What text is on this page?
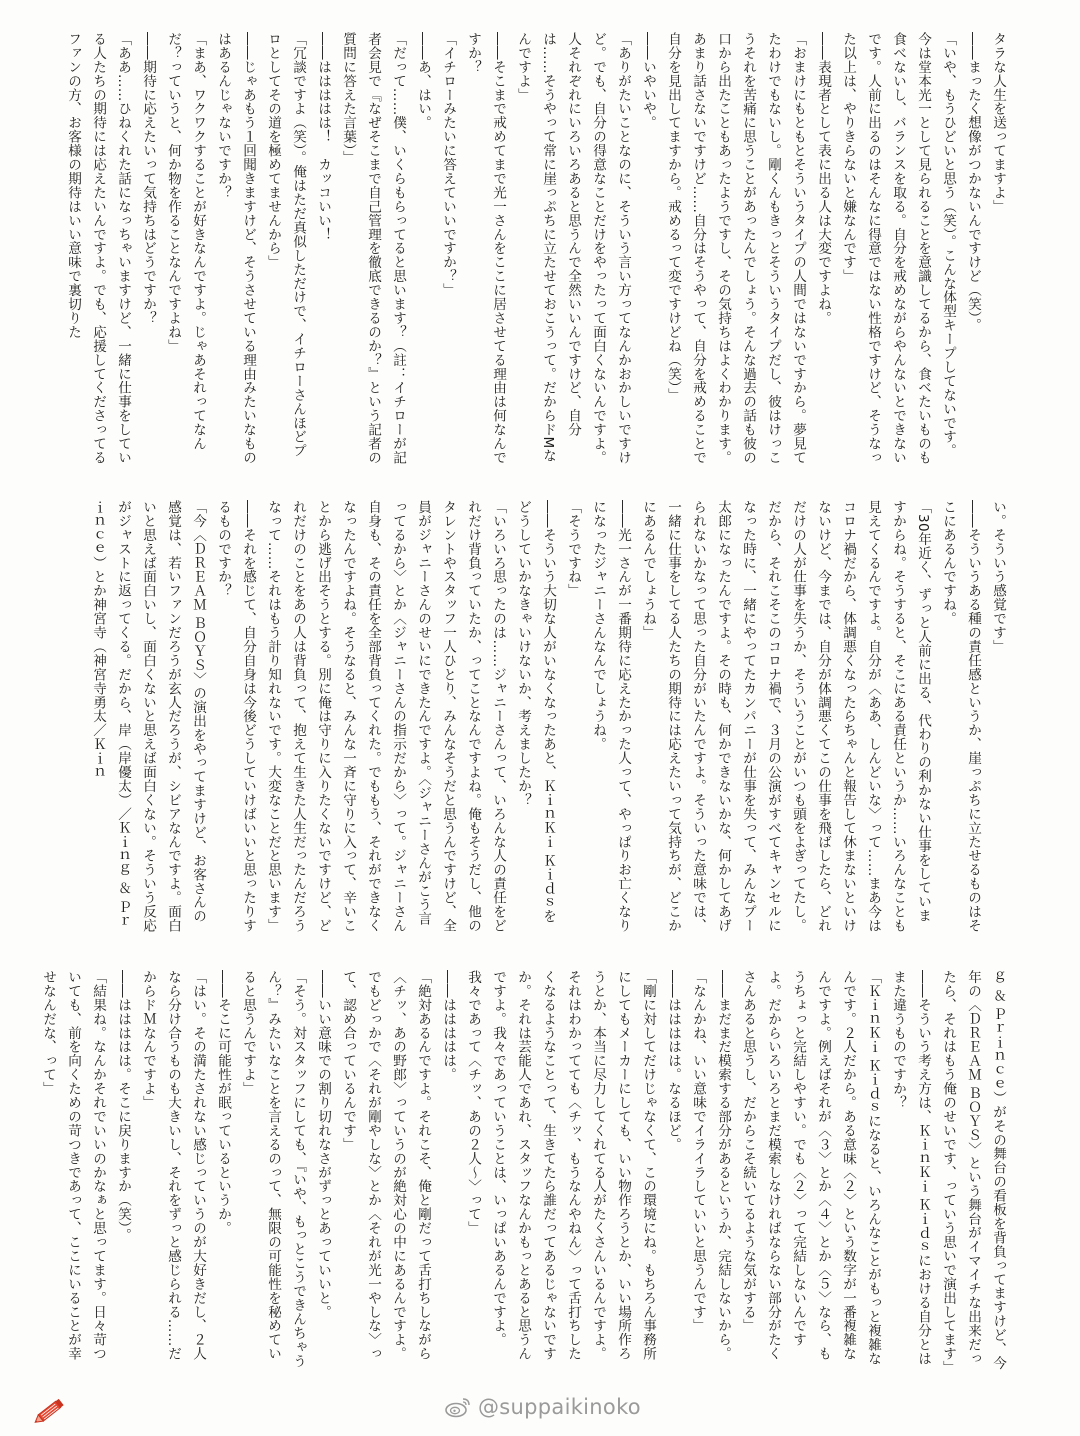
タラな人生を送ってますよ」

――まったく想像がつかないんですけど（笑）。

「いや、もうひどいと思う（笑）。こんな体型キープしてないです。今は堂本光一として見られることを意識してるから、食べたいものも食べないし、バランスを取る。自分を戒めながらやんないとできないです。人前に出るのはそんなに得意ではない性格ですけど、そうなった以上は、やりきらないと嫌なんです」

――表現者として表に出る人は大変ですよね。

「おまけにもともとそういうタイプの人間ではないですから。夢見てたわけでもないし。剛くんもきっとそういうタイプだし、彼はけっこうそれを苦痛に思うことがあったんでしょう。そんな過去の話も彼の口から出たこともあったようですし、その気持ちはよくわかります。あまり話さないですけど……自分はそうやって、自分を戒めることで自分を見出してますから。戒めるって変ですけどね（笑）」

――いやいや。

「ありがたいことなのに、そういう言い方ってなんかおかしいですけど。でも、自分の得意なことだけをやったって面白くないんですよ。人それぞれにいろいろあると思うんで全然いいんですけど、自分は……そうやって常に崖っぷちに立たせておこうって。だからドMなんですよ」

――そこまで戒めてまで光一さんをここに居させてる理由は何なんですか？

「イチローみたいに答えていいですか？」

――あ、はい。

「だって……僕、いくらもらってると思います？（註：イチローが記者会見で『なぜそこまで自己管理を徹底できるのか？』という記者の質問に答えた言葉）」

――ははははは！　カッコいい！

「冗談ですよ（笑）。俺はただ真似しただけで、イチローさんほどプロとしてその道を極めてませんから」

――じゃあもう１回聞きますけど、そうさせている理由みたいなものはあるんじゃないですか？

「まあ、ワクワクすることが好きなんですよ。じゃあそれってなんだ？っていうと、何か物を作ることなんですよね」

――期待に応えたいって気持ちはどうですか？

「ああ……ひねくれた話になっちゃいますけど、一緒に仕事をしている人たちの期待には応えたいんですよ。でも、応援してくださってるファンの方、お客様の期待はいい意味で裏切りた

い。そういう感覚です」

――そういうある種の責任感というか、崖っぷちに立たせるものはそこにあるんですね。

「30年近く、ずっと人前に出る、代わりの利かない仕事をしていますからね。そうすると、そこにある責任というか……いろんなことも見えてくるんですよ。自分が〈ああ、しんどいな〉って……まあ今はコロナ禍だから、体調悪くなったらちゃんと報告して休まないといけないけど、今までは、自分が体調悪くてこの仕事を飛ばしたら、どれだけの人が仕事を失うか、そういうことがいつも頭をよぎってたし。だから、それこそこのコロナ禍で、３月の公演がすべてキャンセルになった時に、一緒にやってたカンパニーが仕事を失って、みんなプー太郎になったんですよ。その時も、何かできないかな、何かしてあげられないかなって思った自分がいたんですよ。そういった意味では、一緒に仕事をしてる人たちの期待には応えたいって気持ちが、どこかにあるんでしょうね」

――光一さんが一番期待に応えたかった人って、やっぱりお亡くなりになったジャニーさんなんでしょうね。

「そうですね」

――そういう大切な人がいなくなったあと、ＫｉｎＫｉ Ｋｉｄｓをどうしていかなきゃいけないか、考えましたか？

「いろいろ思ったのは……ジャニーさんって、いろんな人の責任をどれだけ背負っていたか、ってことなんですよね。俺もそうだし、他のタレントやスタッフ一人ひとり、みんなそうだと思うんですけど、全員がジャニーさんのせいにできたんですよ。〈ジャニーさんがこう言ってるから〉とか〈ジャニーさんの指示だから〉って。ジャニーさん自身も、その責任を全部背負ってくれた。でももう、それができなくなったんですよね。そうなると、みんな一斉に守りに入って、辛いことから逃げ出そうとする。別に俺は守りに入りたくないですけど、どれだけのことをあの人は背負って、抱えて生きた人生だったんだろうなって……それはもう計り知れないです。大変なことだと思います」

――それを感じて、自分自身は今後どうしていけばいいと思ったりするものですか？

「今〈ＤＲＥＡＭ ＢＯＹＳ〉の演出をやってますけど、お客さんの感覚は、若いファンだろうが玄人だろうが、シビアなんですよ。面白いと思えば面白いし、面白くないと思えば面白くない。そういう反応がジャストに返ってくる。だから、岸（岸優太）／Ｋｉｎｇ ＆ Ｐｒｉｎｃｅ）とか神宮寺（神宮寺勇太／Ｋｉｎ

ｇ ＆ Ｐｒｉｎｃｅ）がその舞台の看板を背負ってますけど、今年の〈ＤＲＥＡＭ ＢＯＹＳ〉という舞台がイマイチな出来だったら、それはもう俺のせいです、っていう思いで演出してます」

――そういう考え方は、ＫｉｎＫｉ Ｋｉｄｓにおける自分とはまた違うものですか？

「ＫｉｎＫｉ Ｋｉｄｓになると、いろんなことがもっと複雑なんです。２人だから。ある意味〈２〉という数字が一番複雑なんですよ。例えばそれが〈３〉とか〈４〉とか〈５〉なら、もうちょっと完結しやすい。でも〈２〉って完結しないんですよ。だからいろいろとまだ模索しなければならない部分がたくさんあると思うし、だからこそ続いてるような気がする」

――まだまだ模索する部分があるというか、完結しないから。

「なんかね、いい意味でイライラしていいと思うんです」

――ははははは。なるほど。

「剛に対してだけじゃなくて、この環境にね。もちろん事務所にしてもメーカーにしても、いい物作ろうとか、いい場所作ろうとか、本当に尽力してくれてる人がたくさんいるんですよ。それはわかってても〈チッ、もうなんやねん〉って舌打ちしたくなるようなことって、生きてたら誰だってあるじゃないですか。それは芸能人であれ、スタッフなんかもっとあると思うんですよ。我々であっていうことは、いっぱいあるんですよ。我々であって〈チッ、あの２人〜〉って」

――ははははは。

「絶対あるんですよ。それこそ、俺と剛だって舌打ちしながら〈チッ、あの野郎〉っていうのが絶対心の中にあるんですよ。でもどっかで〈それが剛やしな〉とか〈それが光一やしな〉って、認め合っているんです」

――いい意味での割り切れなさがずっとあっていいと。

「そう。対スタッフにしても、『いや、もっとこうできんちゃうん？』みたいなことを言えるのって、無限の可能性を秘めていると思うんですよ」

――そこに可能性が眠っているというか。

「はい。その満たされない感じっていうのが大好きだし、２人なら分け合うものも大きいし、それをずっと感じられる……だからドＭなんですよ」

――ははははは。そこに戻りますか（笑）。

「結果ね。なんかそれでいいのかなぁと思ってます。日々苛ついても、前を向くための苛つきであって、ここにいることが幸せなんだな、って」

@suppaikinoko
